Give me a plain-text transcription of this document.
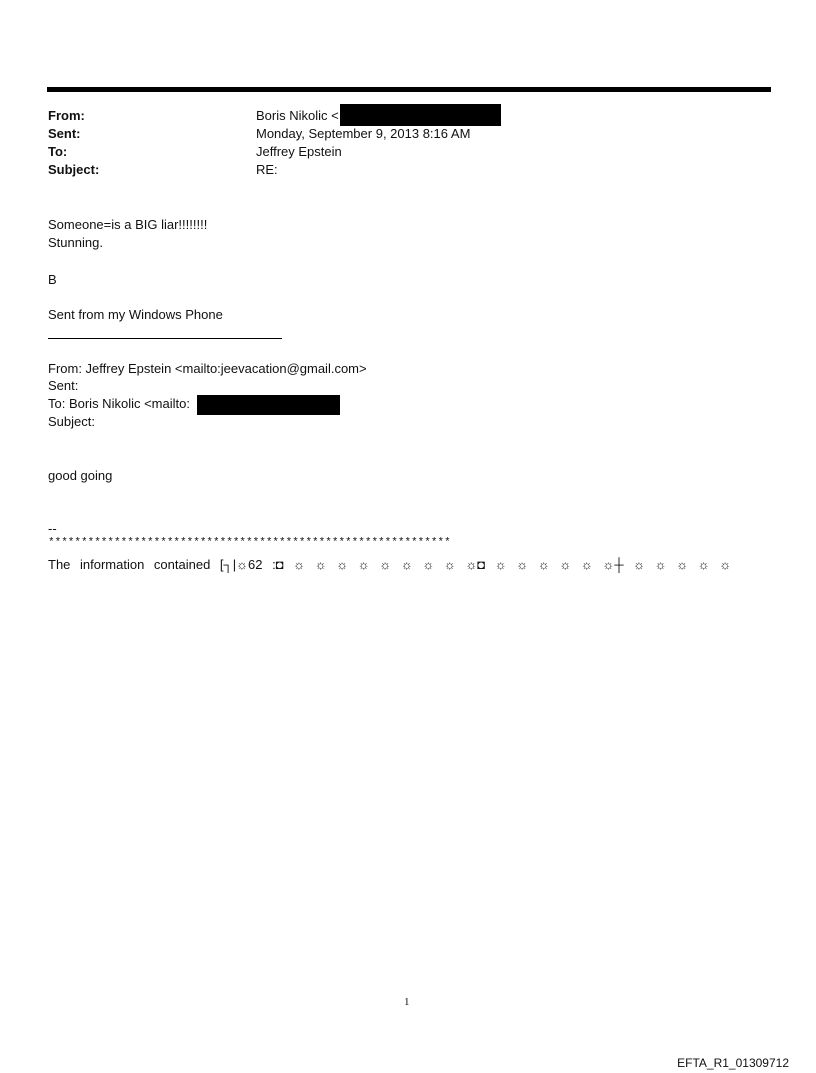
From:
Sent:
To:
Subject:
Boris Nikolic <
Monday, September 9, 2013 8:16 AM
Jeffrey Epstein
RE:
Someone=is a BIG liar!!!!!!!!
Stunning.
B
Sent from my Windows Phone
From: Jeffrey Epstein <mailto:jeevacation@gmail.com>
Sent:
To: Boris Nikolic <mailto:
Subject:
good going
--
*************************************************************
The information contained [┐|☼62 :◘ ☼ ☼ ☼ ☼ ☼ ☼ ☼ ☼ ☼◘ ☼ ☼ ☼ ☼ ☼ ☼┼ ☼ ☼ ☼ ☼ ☼
1
EFTA_R1_01309712
